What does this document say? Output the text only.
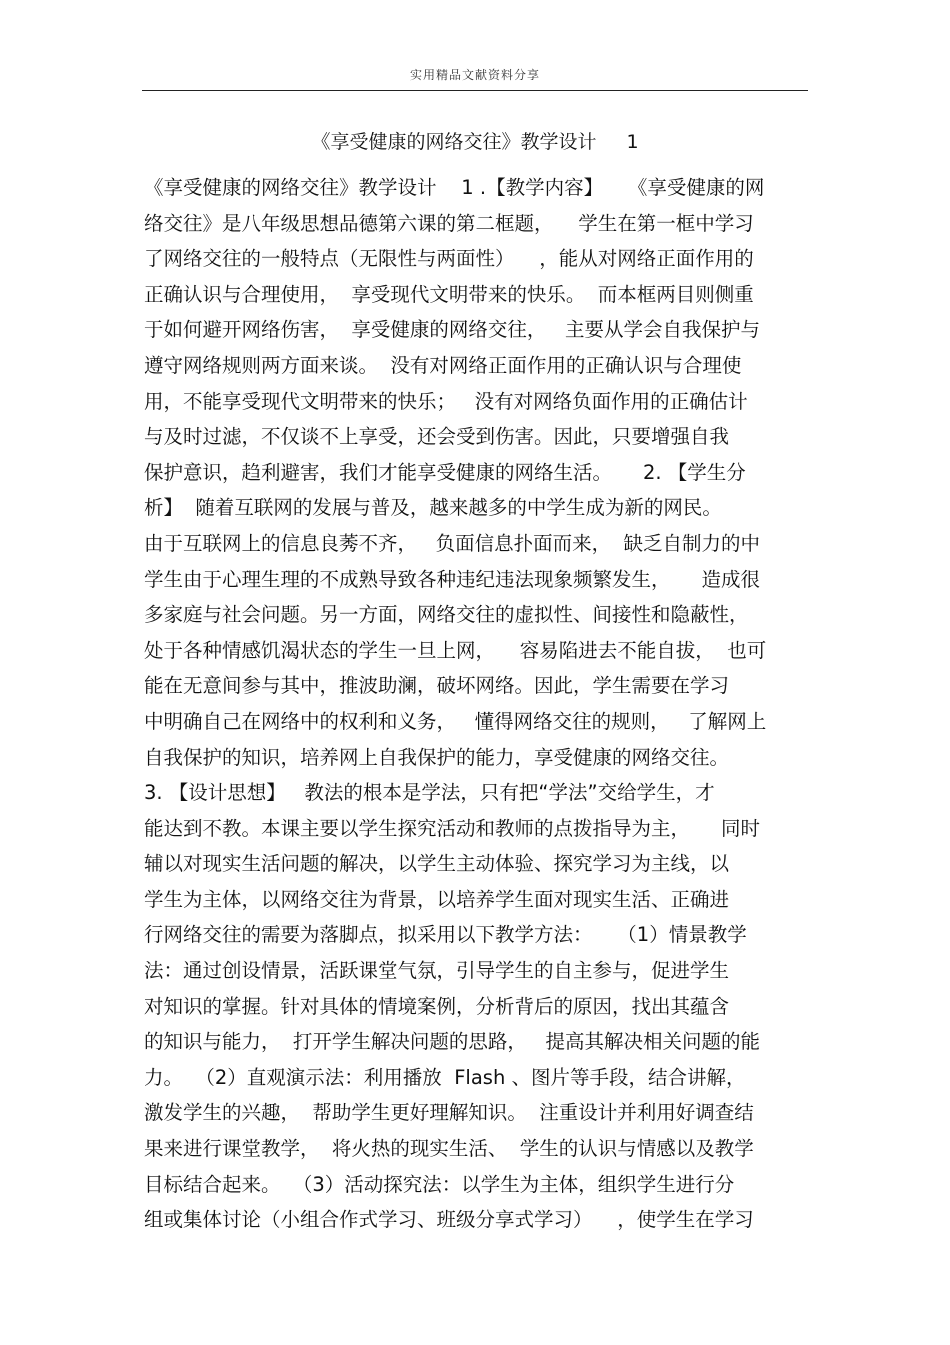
实用精品文献资料分享
《享受健康的网络交往》教学设计 1
《享受健康的网络交往》教学设计    1 .【教学内容】    《享受健康的网
络交往》是八年级思想品德第六课的第二框题，    学生在第一框中学习
了网络交往的一般特点（无限性与两面性）    ，能从对网络正面作用的
正确认识与合理使用，  享受现代文明带来的快乐。  而本框两目则侧重
于如何避开网络伤害，  享受健康的网络交往，   主要从学会自我保护与
遵守网络规则两方面来谈。  没有对网络正面作用的正确认识与合理使
用，不能享受现代文明带来的快乐；   没有对网络负面作用的正确估计
与及时过滤，不仅谈不上享受，还会受到伤害。因此，只要增强自我
保护意识，趋利避害，我们才能享受健康的网络生活。     2. 【学生分
析】  随着互联网的发展与普及，越来越多的中学生成为新的网民。
由于互联网上的信息良莠不齐，   负面信息扑面而来，  缺乏自制力的中
学生由于心理生理的不成熟导致各种违纪违法现象频繁发生，     造成很
多家庭与社会问题。另一方面，网络交往的虚拟性、间接性和隐蔽性，
处于各种情感饥渴状态的学生一旦上网，    容易陷进去不能自拔，  也可
能在无意间参与其中，推波助澜，破坏网络。因此，学生需要在学习
中明确自己在网络中的权利和义务，   懂得网络交往的规则，   了解网上
自我保护的知识，培养网上自我保护的能力，享受健康的网络交往。
3. 【设计思想】   教法的根本是学法，只有把“学法”交给学生，才
能达到不教。本课主要以学生探究活动和教师的点拨指导为主，     同时
辅以对现实生活问题的解决，以学生主动体验、探究学习为主线，以
学生为主体，以网络交往为背景，以培养学生面对现实生活、正确进
行网络交往的需要为落脚点，拟采用以下教学方法：    （1）情景教学
法：通过创设情景，活跃课堂气氛，引导学生的自主参与，促进学生
对知识的掌握。针对具体的情境案例，分析背后的原因，找出其蕴含
的知识与能力，  打开学生解决问题的思路，   提高其解决相关问题的能
力。  （2）直观演示法：利用播放  Flash 、图片等手段，结合讲解，
激发学生的兴趣，  帮助学生更好理解知识。  注重设计并利用好调查结
果来进行课堂教学，  将火热的现实生活、  学生的认识与情感以及教学
目标结合起来。  （3）活动探究法：以学生为主体，组织学生进行分
组或集体讨论（小组合作式学习、班级分享式学习）    ，使学生在学习
